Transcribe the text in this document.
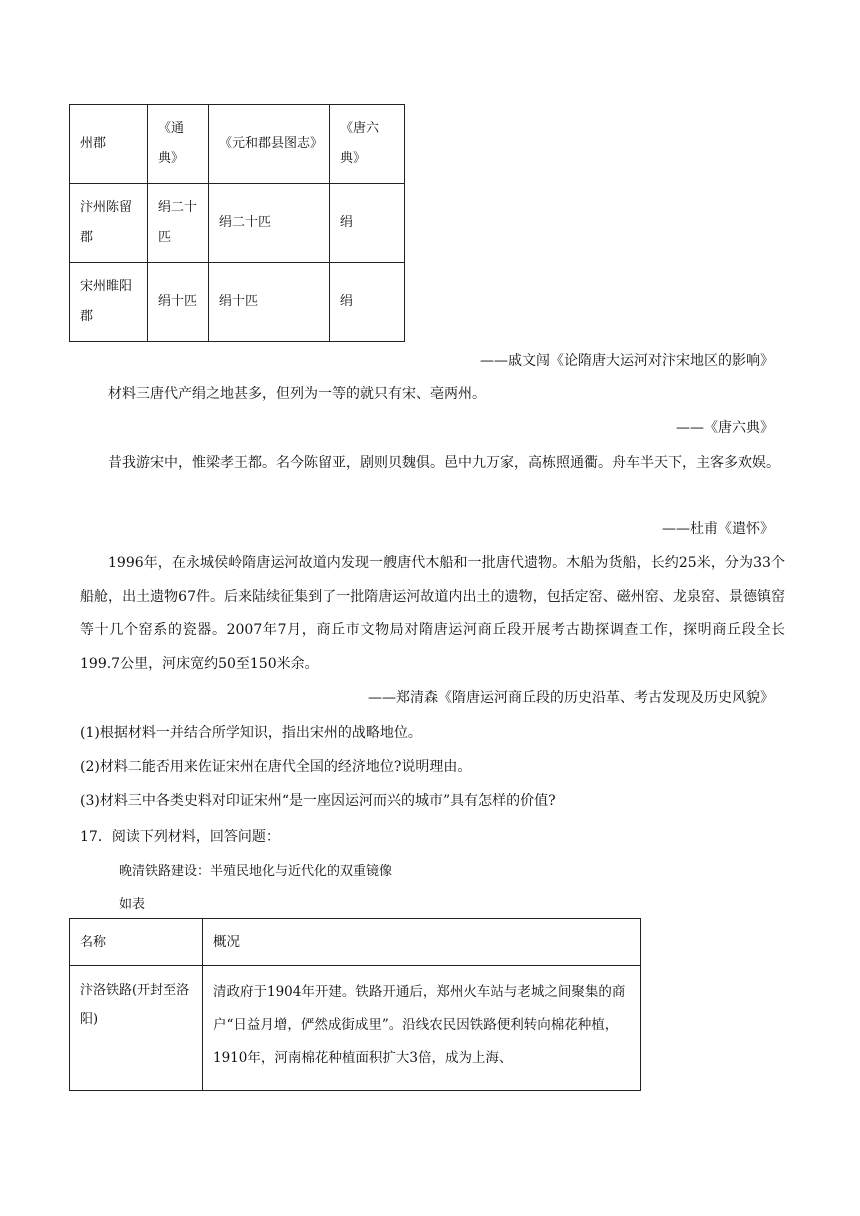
州郡	《通典》	《元和郡县图志》	《唐六典》
汴州陈留郡	绢二十匹	绢二十匹	绢
宋州睢阳郡	绢十匹	绢十匹	绢
——戚文闯《论隋唐大运河对汴宋地区的影响》
材料三唐代产绢之地甚多，但列为一等的就只有宋、亳两州。
——《唐六典》
昔我游宋中，惟梁孝王都。名今陈留亚，剧则贝魏俱。邑中九万家，高栋照通衢。舟车半天下，主客多欢娱。
——杜甫《遣怀》
1996年，在永城侯岭隋唐运河故道内发现一艘唐代木船和一批唐代遗物。木船为货船，长约25米，分为33个船舱，出土遗物67件。后来陆续征集到了一批隋唐运河故道内出土的遗物，包括定窑、磁州窑、龙泉窑、景德镇窑等十几个窑系的瓷器。2007年7月，商丘市文物局对隋唐运河商丘段开展考古勘探调查工作，探明商丘段全长199.7公里，河床宽约50至150米余。
——郑清森《隋唐运河商丘段的历史沿革、考古发现及历史风貌》
(1)根据材料一并结合所学知识，指出宋州的战略地位。
(2)材料二能否用来佐证宋州在唐代全国的经济地位?说明理由。
(3)材料三中各类史料对印证宋州“是一座因运河而兴的城市”具有怎样的价值?
17．阅读下列材料，回答问题：
晚清铁路建设：半殖民地化与近代化的双重镜像
如表
名称	概况
汴洛铁路(开封至洛阳)	清政府于1904年开建。铁路开通后，郑州火车站与老城之间聚集的商户“日益月增，俨然成街成里”。沿线农民因铁路便利转向棉花种植，1910年，河南棉花种植面积扩大3倍，成为上海、
